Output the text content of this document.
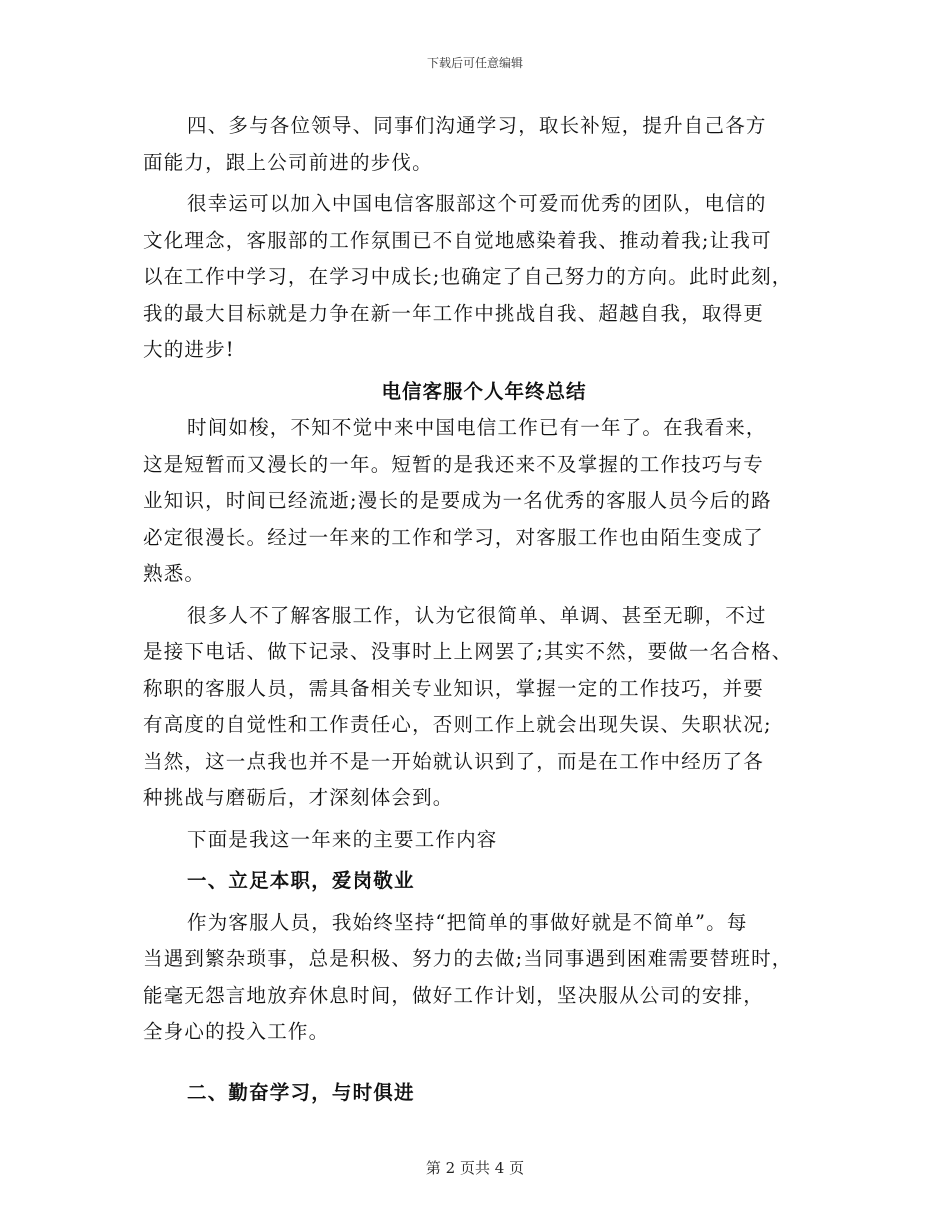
下载后可任意编辑
四、多与各位领导、同事们沟通学习，取长补短，提升自己各方
面能力，跟上公司前进的步伐。
很幸运可以加入中国电信客服部这个可爱而优秀的团队，电信的
文化理念，客服部的工作氛围已不自觉地感染着我、推动着我;让我可
以在工作中学习，在学习中成长;也确定了自己努力的方向。此时此刻，
我的最大目标就是力争在新一年工作中挑战自我、超越自我，取得更
大的进步!
电信客服个人年终总结
时间如梭，不知不觉中来中国电信工作已有一年了。在我看来，
这是短暂而又漫长的一年。短暂的是我还来不及掌握的工作技巧与专
业知识，时间已经流逝;漫长的是要成为一名优秀的客服人员今后的路
必定很漫长。经过一年来的工作和学习，对客服工作也由陌生变成了
熟悉。
很多人不了解客服工作，认为它很简单、单调、甚至无聊，不过
是接下电话、做下记录、没事时上上网罢了;其实不然，要做一名合格、
称职的客服人员，需具备相关专业知识，掌握一定的工作技巧，并要
有高度的自觉性和工作责任心，否则工作上就会出现失误、失职状况;
当然，这一点我也并不是一开始就认识到了，而是在工作中经历了各
种挑战与磨砺后，才深刻体会到。
下面是我这一年来的主要工作内容
一、立足本职，爱岗敬业
作为客服人员，我始终坚持“把简单的事做好就是不简单”。每
当遇到繁杂琐事，总是积极、努力的去做;当同事遇到困难需要替班时，
能毫无怨言地放弃休息时间，做好工作计划，坚决服从公司的安排，
全身心的投入工作。
二、勤奋学习，与时俱进
第 2 页共 4 页
